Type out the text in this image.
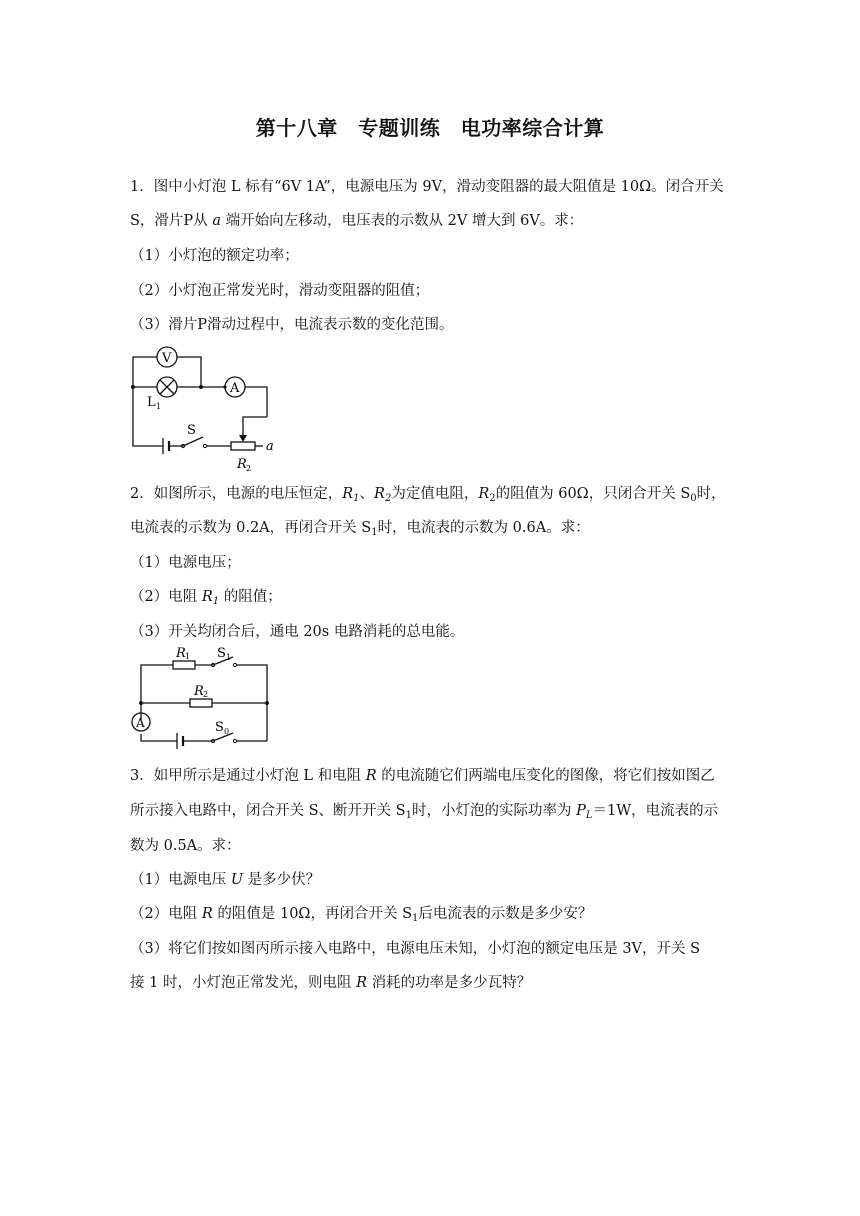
第十八章　专题训练　电功率综合计算
1．图中小灯泡 L 标有“6V 1A”，电源电压为 9V，滑动变阻器的最大阻值是 10Ω。闭合开关
S，滑片P从 a 端开始向左移动，电压表的示数从 2V 增大到 6V。求：
（1）小灯泡的额定功率；
（2）小灯泡正常发光时，滑动变阻器的阻值；
（3）滑片P滑动过程中，电流表示数的变化范围。
V
A
L 1
S
R 2
a
2．如图所示，电源的电压恒定，$R_1$、$R_2$为定值电阻，$R_2$的阻值为 60Ω，只闭合开关 $S_0$时，
电流表的示数为 0.2A，再闭合开关 $S_1$时，电流表的示数为 0.6A。求：
（1）电源电压；
（2）电阻 $R_1$ 的阻值；
（3）开关均闭合后，通电 20s 电路消耗的总电能。
R 1 S 1
R 2
A	S 0
3．如甲所示是通过小灯泡 L 和电阻 R 的电流随它们两端电压变化的图像，将它们按如图乙
所示接入电路中，闭合开关 S、断开开关 $S_1$时，小灯泡的实际功率为 $P_L=1W$，电流表的示
数为 0.5A。求：
（1）电源电压 U 是多少伏？
（2）电阻 R 的阻值是 10Ω，再闭合开关 $S_1$后电流表的示数是多少安？
（3）将它们按如图丙所示接入电路中，电源电压未知，小灯泡的额定电压是 3V，开关 S
接 1 时，小灯泡正常发光，则电阻 R 消耗的功率是多少瓦特？
